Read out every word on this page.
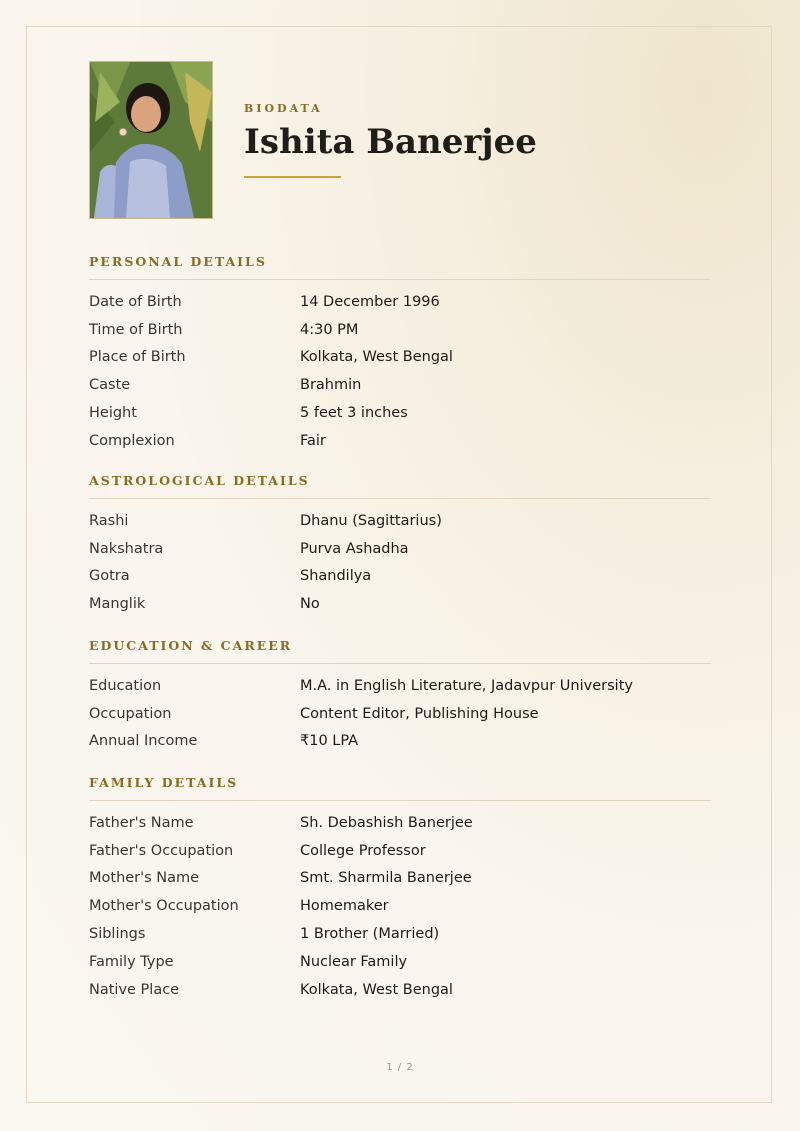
BIODATA
Ishita Banerjee
PERSONAL DETAILS
Date of Birth	14 December 1996
Time of Birth	4:30 PM
Place of Birth	Kolkata, West Bengal
Caste	Brahmin
Height	5 feet 3 inches
Complexion	Fair
ASTROLOGICAL DETAILS
Rashi	Dhanu (Sagittarius)
Nakshatra	Purva Ashadha
Gotra	Shandilya
Manglik	No
EDUCATION & CAREER
Education	M.A. in English Literature, Jadavpur University
Occupation	Content Editor, Publishing House
Annual Income	₹10 LPA
FAMILY DETAILS
Father's Name	Sh. Debashish Banerjee
Father's Occupation	College Professor
Mother's Name	Smt. Sharmila Banerjee
Mother's Occupation	Homemaker
Siblings	1 Brother (Married)
Family Type	Nuclear Family
Native Place	Kolkata, West Bengal
1 / 2
